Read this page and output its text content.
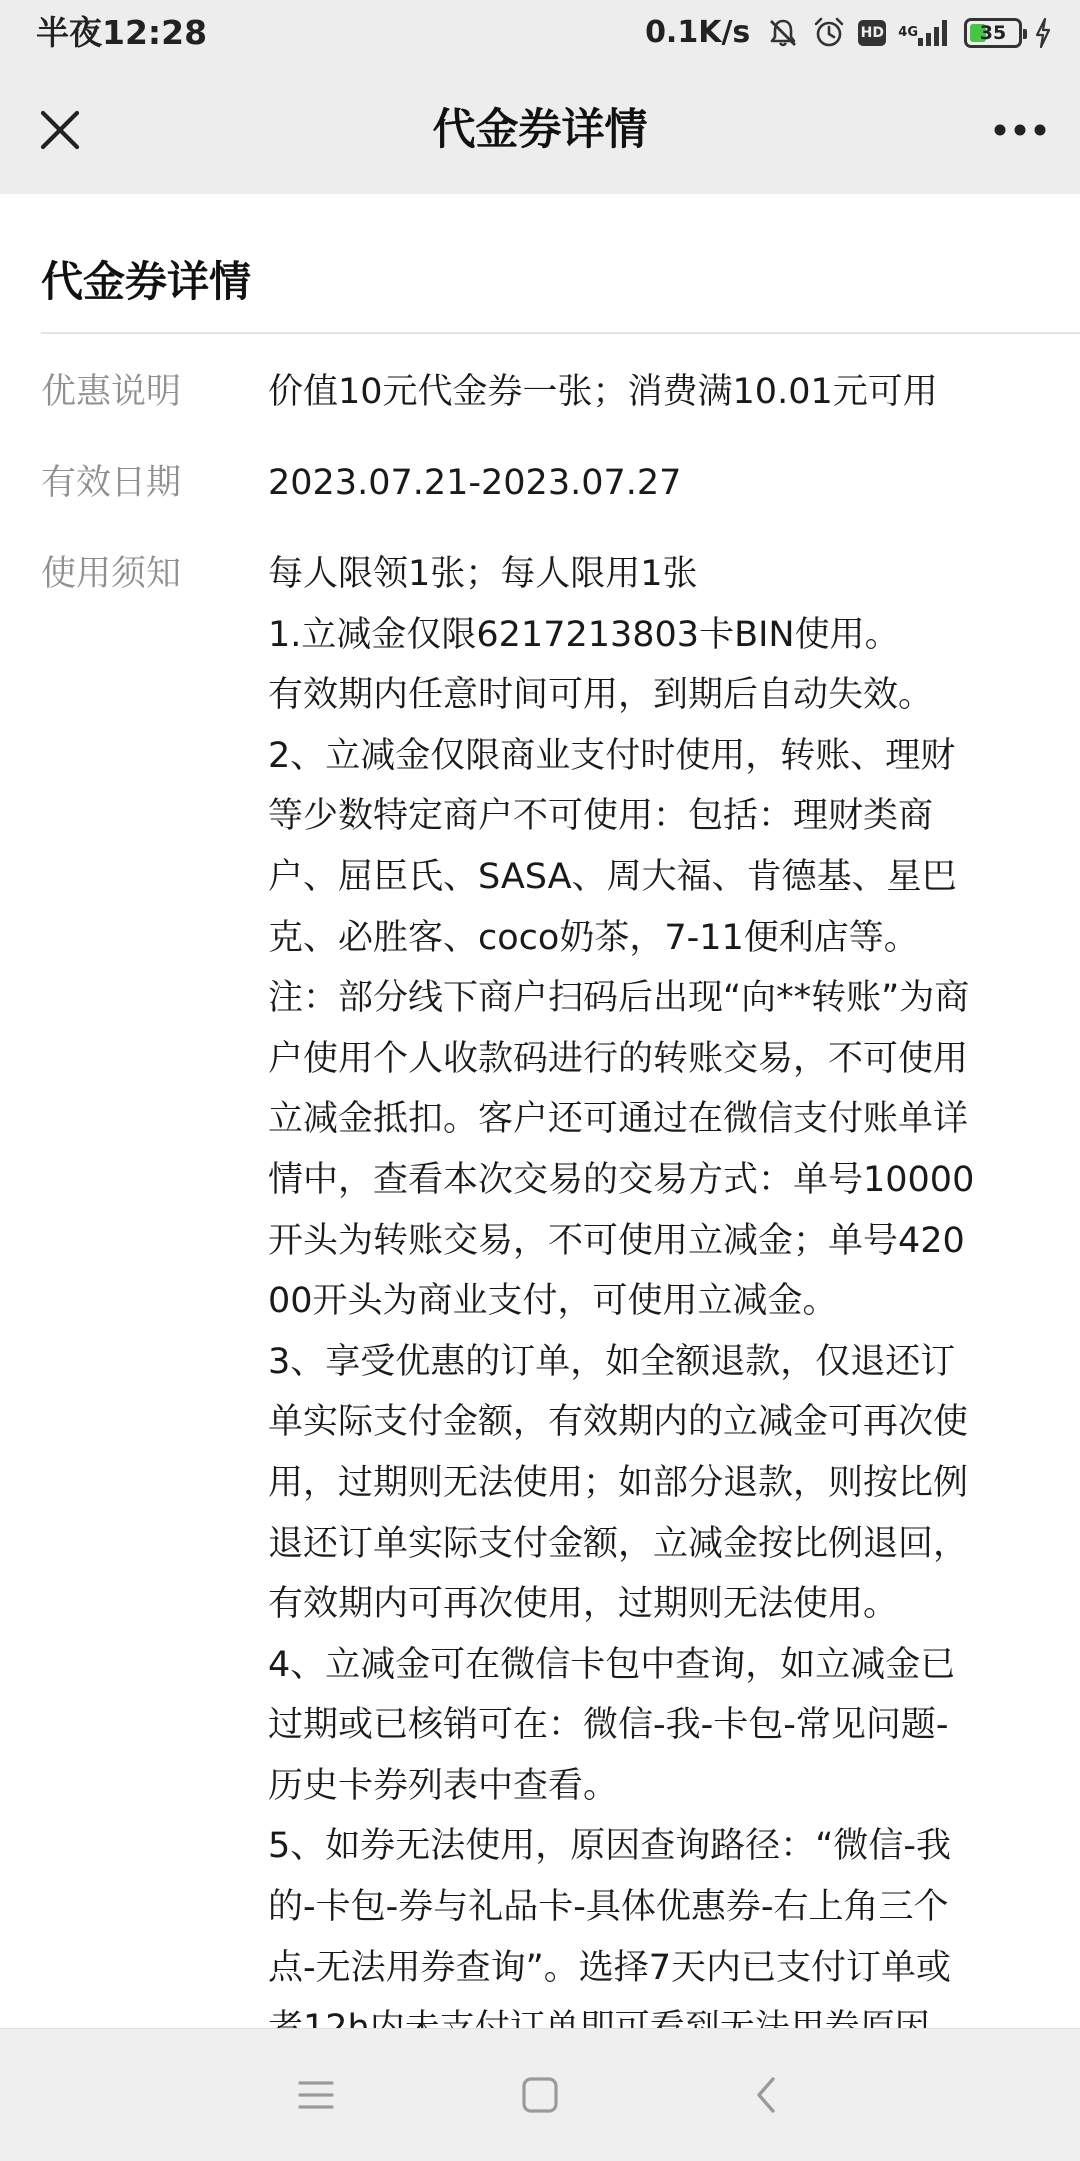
半夜12:28	0.1K/s	HD 4G	35
代金券详情
代金券详情
优惠说明 价值10元代金券一张；消费满10.01元可用
有效日期 2023.07.21-2023.07.27
使用须知 每人限领1张；每人限用1张
1.立减金仅限6217213803卡BIN使用。
有效期内任意时间可用，到期后自动失效。
2、立减金仅限商业支付时使用，转账、理财
等少数特定商户不可使用：包括：理财类商
户、屈臣氏、SASA、周大福、肯德基、星巴
克、必胜客、coco奶茶，7-11便利店等。
注：部分线下商户扫码后出现“向**转账”为商
户使用个人收款码进行的转账交易，不可使用
立减金抵扣。客户还可通过在微信支付账单详
情中，查看本次交易的交易方式：单号10000
开头为转账交易，不可使用立减金；单号420
00开头为商业支付，可使用立减金。
3、享受优惠的订单，如全额退款，仅退还订
单实际支付金额，有效期内的立减金可再次使
用，过期则无法使用；如部分退款，则按比例
退还订单实际支付金额，立减金按比例退回，
有效期内可再次使用，过期则无法使用。
4、立减金可在微信卡包中查询，如立减金已
过期或已核销可在：微信-我-卡包-常见问题-
历史卡券列表中查看。
5、如券无法使用，原因查询路径：“微信-我
的-卡包-券与礼品卡-具体优惠券-右上角三个
点-无法用券查询”。选择7天内已支付订单或
